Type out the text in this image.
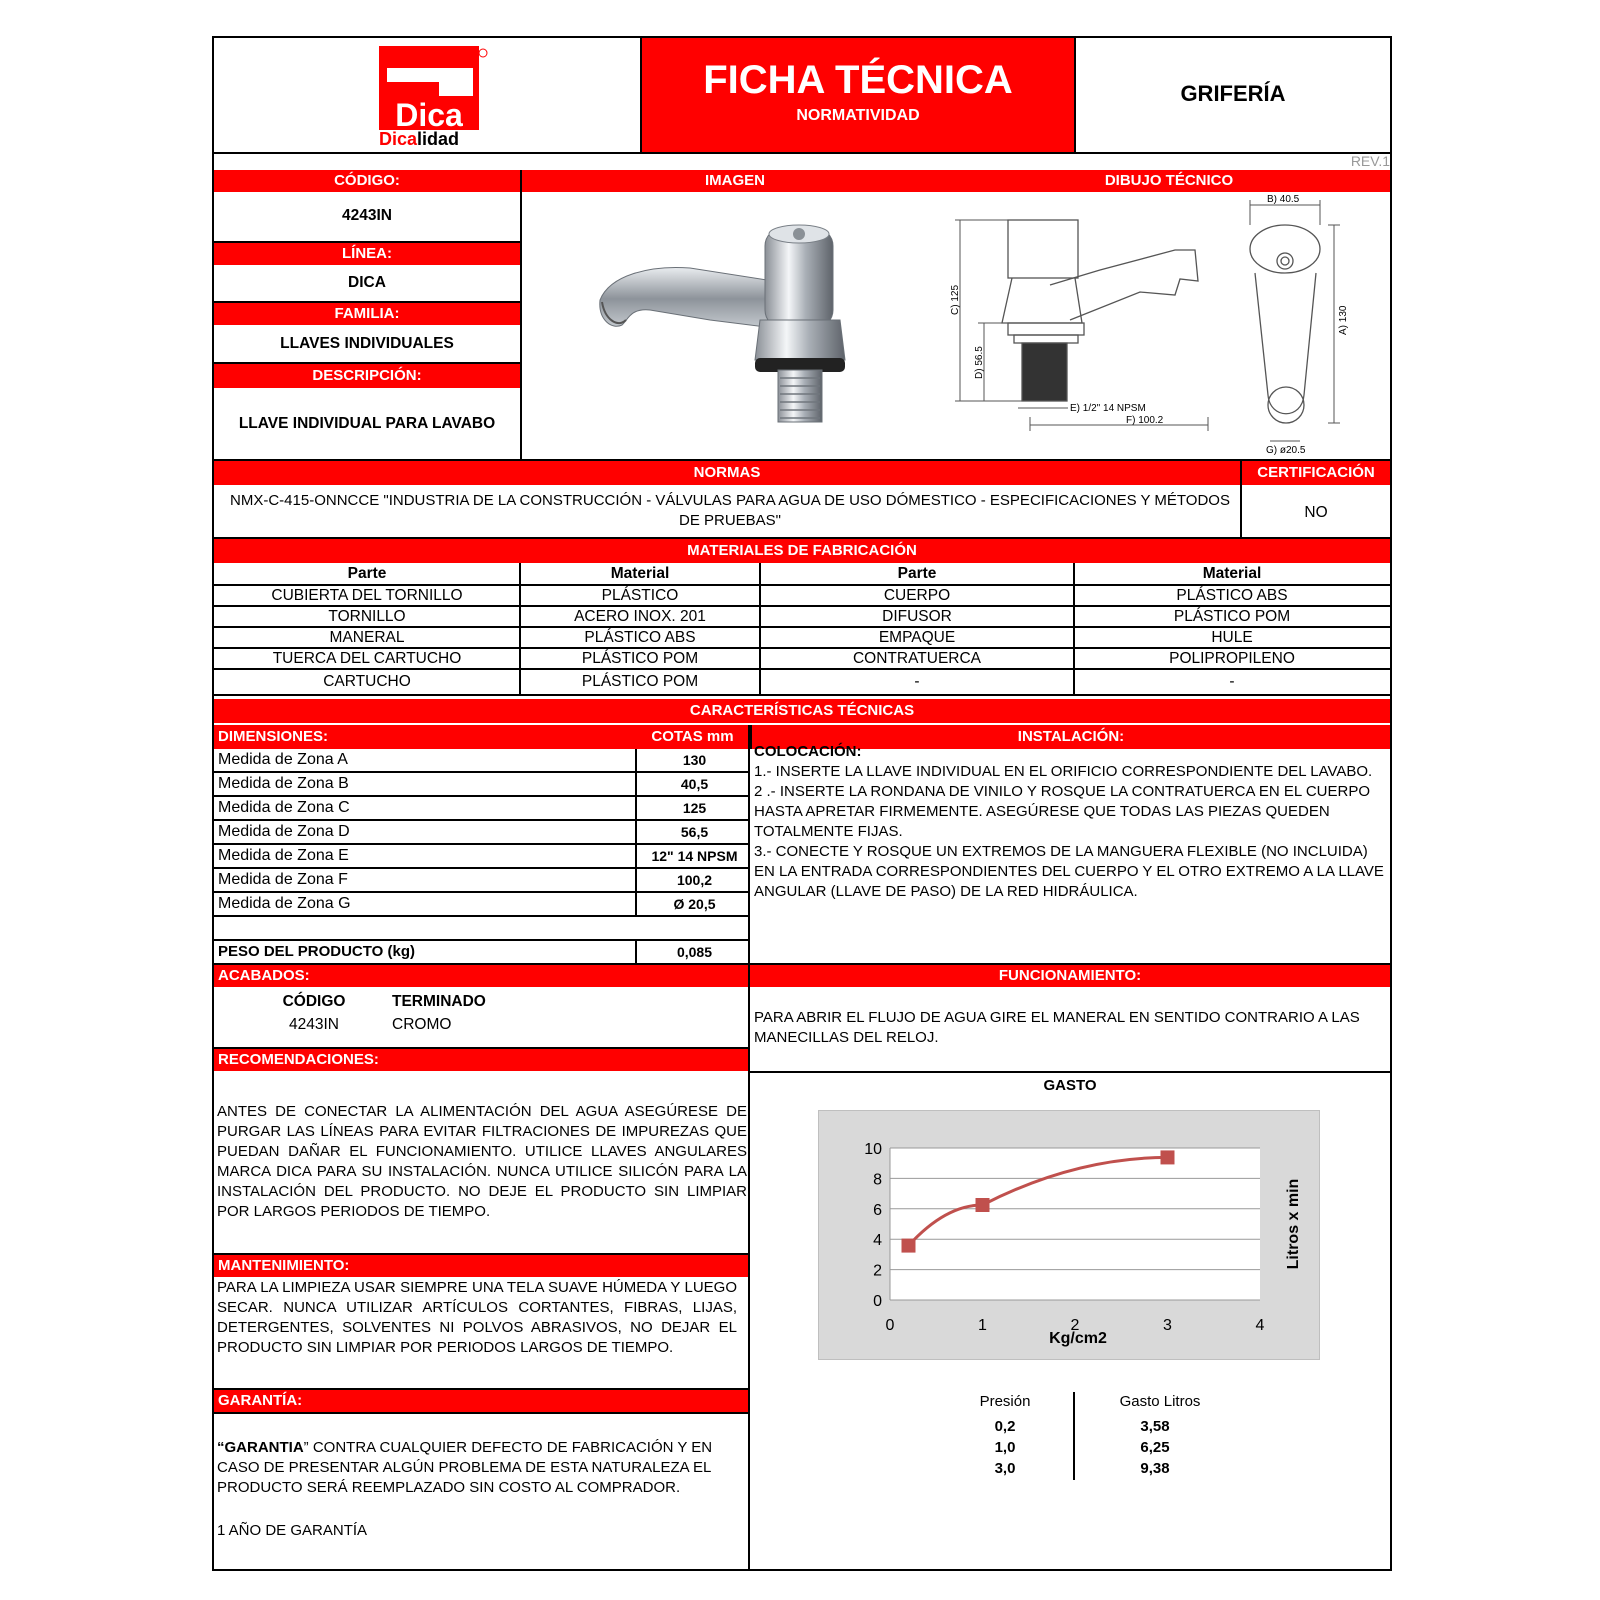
Dica
Dicalidad
FICHA TÉCNICA
NORMATIVIDAD
GRIFERÍA
REV.1
CÓDIGO:	IMAGEN	DIBUJO TÉCNICO
4243IN
LÍNEA:
DICA
FAMILIA:
LLAVES INDIVIDUALES
DESCRIPCIÓN:
LLAVE INDIVIDUAL PARA LAVABO
B) 40.5
C) 125
D) 56.5
E) 1/2" 14 NPSM
F) 100.2
A) 130
G) ø20.5
NORMAS	CERTIFICACIÓN
NMX-C-415-ONNCCE "INDUSTRIA DE LA CONSTRUCCIÓN - VÁLVULAS PARA AGUA DE USO DÓMESTICO - ESPECIFICACIONES Y MÉTODOS DE PRUEBAS"	NO
MATERIALES DE FABRICACIÓN
Parte	Material	Parte	Material
CUBIERTA DEL TORNILLO	PLÁSTICO	CUERPO	PLÁSTICO ABS
TORNILLO	ACERO INOX. 201	DIFUSOR	PLÁSTICO POM
MANERAL	PLÁSTICO ABS	EMPAQUE	HULE
TUERCA DEL CARTUCHO	PLÁSTICO POM	CONTRATUERCA	POLIPROPILENO
CARTUCHO	PLÁSTICO POM	-	-
CARACTERÍSTICAS TÉCNICAS
DIMENSIONES:	COTAS mm	INSTALACIÓN:
Medida de Zona A	130
Medida de Zona B	40,5
Medida de Zona C	125
Medida de Zona D	56,5
Medida de Zona E	12" 14 NPSM
Medida de Zona F	100,2
Medida de Zona G	Ø 20,5
PESO DEL PRODUCTO (kg)	0,085
COLOCACIÓN:
1.- INSERTE LA LLAVE INDIVIDUAL EN EL ORIFICIO CORRESPONDIENTE DEL LAVABO.
2 .- INSERTE LA RONDANA DE VINILO Y ROSQUE LA CONTRATUERCA EN EL CUERPO HASTA APRETAR FIRMEMENTE. ASEGÚRESE QUE TODAS LAS PIEZAS QUEDEN TOTALMENTE FIJAS.
3.- CONECTE Y ROSQUE UN EXTREMOS DE LA MANGUERA FLEXIBLE (NO INCLUIDA) EN LA ENTRADA CORRESPONDIENTES DEL CUERPO Y EL OTRO EXTREMO A LA LLAVE ANGULAR (LLAVE DE PASO) DE LA RED HIDRÁULICA.
ACABADOS:	FUNCIONAMIENTO:
CÓDIGO	TERMINADO
4243IN	CROMO	PARA ABRIR EL FLUJO DE AGUA GIRE EL MANERAL EN SENTIDO CONTRARIO A LAS MANECILLAS DEL RELOJ.
RECOMENDACIONES:
ANTES DE CONECTAR LA ALIMENTACIÓN DEL AGUA ASEGÚRESE DE PURGAR LAS LÍNEAS PARA EVITAR FILTRACIONES DE IMPUREZAS QUE PUEDAN DAÑAR EL FUNCIONAMIENTO. UTILICE LLAVES ANGULARES MARCA DICA PARA SU INSTALACIÓN. NUNCA UTILICE SILICÓN PARA LA INSTALACIÓN DEL PRODUCTO. NO DEJE EL PRODUCTO SIN LIMPIAR POR LARGOS PERIODOS DE TIEMPO.
MANTENIMIENTO:
PARA LA LIMPIEZA USAR SIEMPRE UNA TELA SUAVE HÚMEDA Y LUEGO SECAR. NUNCA UTILIZAR ARTÍCULOS CORTANTES, FIBRAS, LIJAS, DETERGENTES, SOLVENTES NI POLVOS ABRASIVOS, NO DEJAR EL PRODUCTO SIN LIMPIAR POR PERIODOS LARGOS DE TIEMPO.
GARANTÍA:
“GARANTIA” CONTRA CUALQUIER DEFECTO DE FABRICACIÓN Y EN CASO DE PRESENTAR ALGÚN PROBLEMA DE ESTA NATURALEZA EL PRODUCTO SERÁ REEMPLAZADO SIN COSTO AL COMPRADOR.
1 AÑO DE GARANTÍA
GASTO
0
2
4
6
8
10
0	1	2	3	4
Kg/cm2
Litros x min
Presión	Gasto Litros
0,2	3,58
1,0	6,25
3,0	9,38
